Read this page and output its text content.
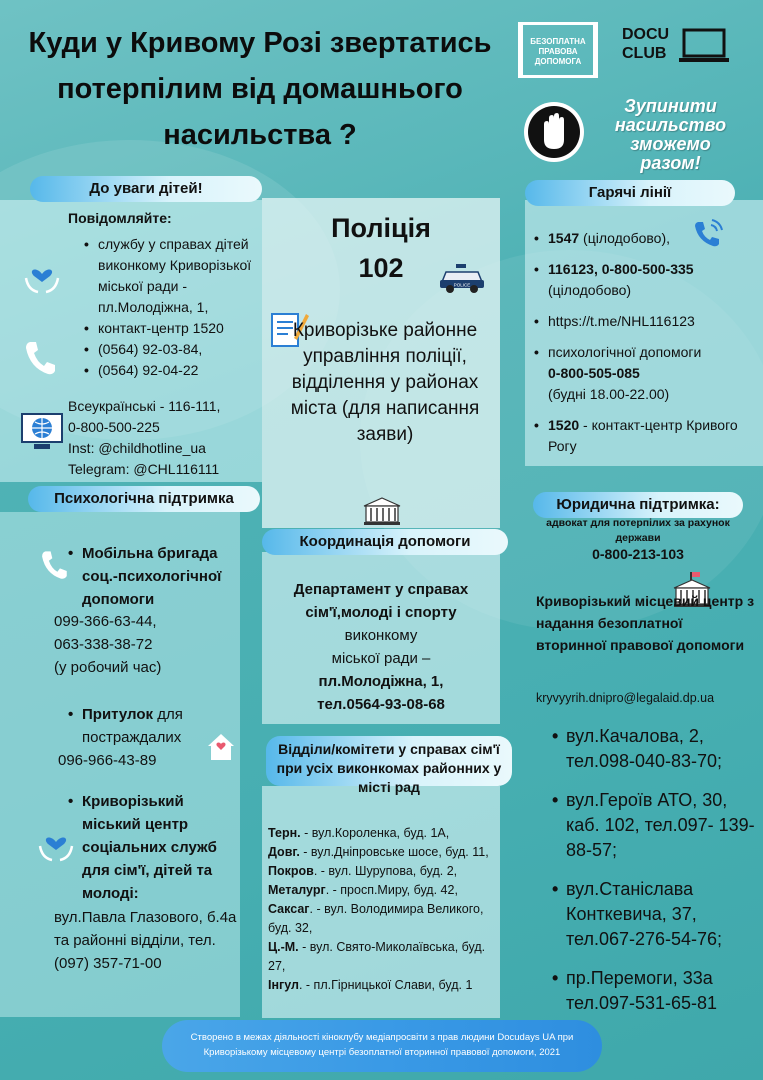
Куди у Кривому Розі звертатись потерпілим від домашнього насильства ?
БЕЗОПЛАТНА ПРАВОВА ДОПОМОГА
DOCU
CLUB
Зупинити
насильство
зможемо
разом!
До уваги дітей!
Повідомляйте:
• службу у справах дітей виконкому Криворізької міської ради - пл.Молодіжна, 1,
• контакт-центр 1520
• (0564) 92-03-84,
• (0564) 92-04-22
Всеукраїнські - 116-111,
0-800-500-225
Inst: @childhotline_ua
Telegram: @CHL116111
Психологічна підтримка
• Мобільна бригада соц.-психологічної допомоги
099-366-63-44,
063-338-38-72
(у робочий час)
• Притулок для постраждалих
096-966-43-89
• Криворізький міський центр соціальних служб для сім'ї, дітей та молоді:
вул.Павла Глазового, б.4а та районні відділи, тел. (097) 357-71-00
Поліція
102
POLICE
Криворізьке районне управління поліції, відділення у районах міста (для написання заяви)
Координація допомоги
Департамент у справах сім'ї,молоді і спорту
виконкому міської ради –
пл.Молодіжна, 1, тел.0564-93-08-68
Відділи/комітети у справах сім'ї при усіх виконкомах районних у місті рад
Терн. - вул.Короленка, буд. 1А,
Довг. - вул.Дніпровське шосе, буд. 11,
Покров. - вул. Шурупова, буд. 2,
Металург. - просп.Миру, буд. 42,
Саксаг. - вул. Володимира Великого, буд. 32,
Ц.-М. - вул. Свято-Миколаївська, буд. 27,
Інгул. - пл.Гірницької Слави, буд. 1
Гарячі лінії
• 1547 (цілодобово),
• 116123, 0-800-500-335
(цілодобово)
• https://t.me/NHL116123
• психологічної допомоги
0-800-505-085
(будні 18.00-22.00)
• 1520 - контакт-центр Кривого Рогу
Юридична підтримка:
адвокат для потерпілих за рахунок держави
0-800-213-103
Криворізький місцевий центр з надання безоплатної вторинної правової допомоги
kryvyyrih.dnipro@legalaid.dp.ua
• вул.Качалова, 2, тел.098-040-83-70;
• вул.Героїв АТО, 30, каб. 102, тел.097- 139-88-57;
• вул.Станіслава Конткевича, 37, тел.067-276-54-76;
• пр.Перемоги, 33а тел.097-531-65-81
Створено в межах діяльності кіноклубу медіапросвіти з прав людини Docudays UA при Криворізькому місцевому центрі безоплатної вторинної правової допомоги, 2021
